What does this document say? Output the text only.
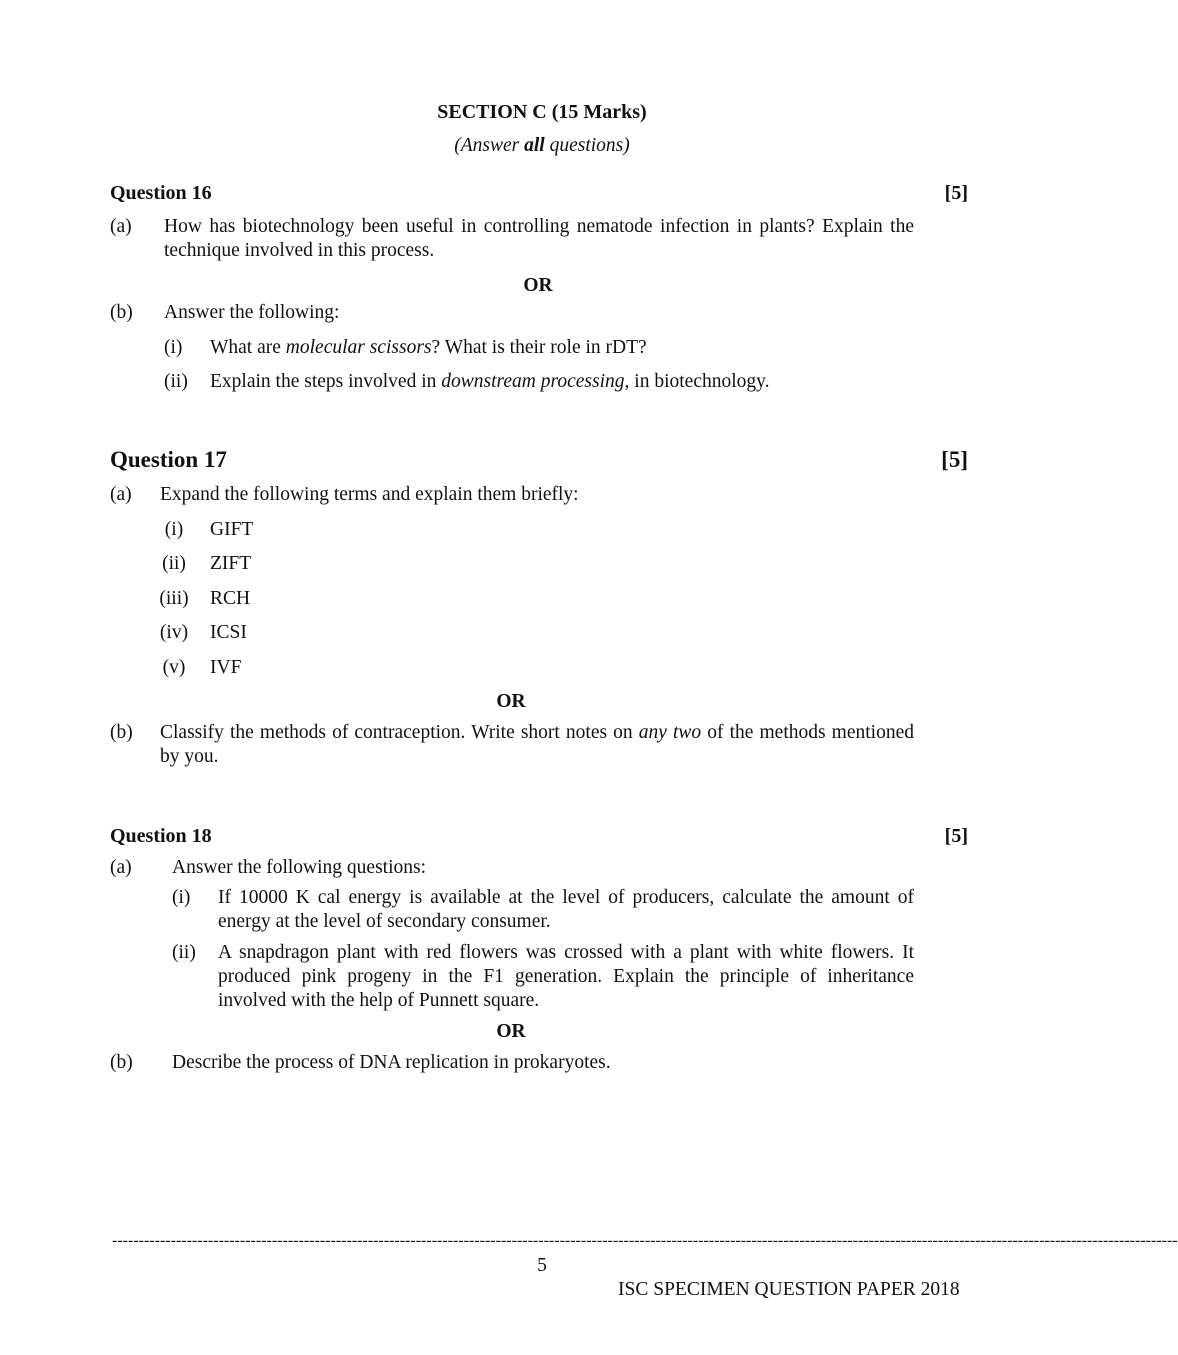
SECTION C (15 Marks)
(Answer all questions)
Question 16	[5]
(a) How has biotechnology been useful in controlling nematode infection in plants? Explain the technique involved in this process.
OR
(b) Answer the following:
(i) What are molecular scissors? What is their role in rDT?
(ii) Explain the steps involved in downstream processing, in biotechnology.
Question 17	[5]
(a) Expand the following terms and explain them briefly:
(i)	GIFT
(ii)	ZIFT
(iii) RCH
(iv) ICSI
(v)	IVF
OR
(b) Classify the methods of contraception. Write short notes on any two of the methods mentioned by you.
Question 18	[5]
(a) Answer the following questions:
(i) If 10000 K cal energy is available at the level of producers, calculate the amount of energy at the level of secondary consumer.
(ii) A snapdragon plant with red flowers was crossed with a plant with white flowers. It produced pink progeny in the F1 generation. Explain the principle of inheritance involved with the help of Punnett square.
OR
(b) Describe the process of DNA replication in prokaryotes.
--------------------------------------------------------------------------------------------------------------------------------------------------------------------------------------------------------
5
ISC SPECIMEN QUESTION PAPER 2018
